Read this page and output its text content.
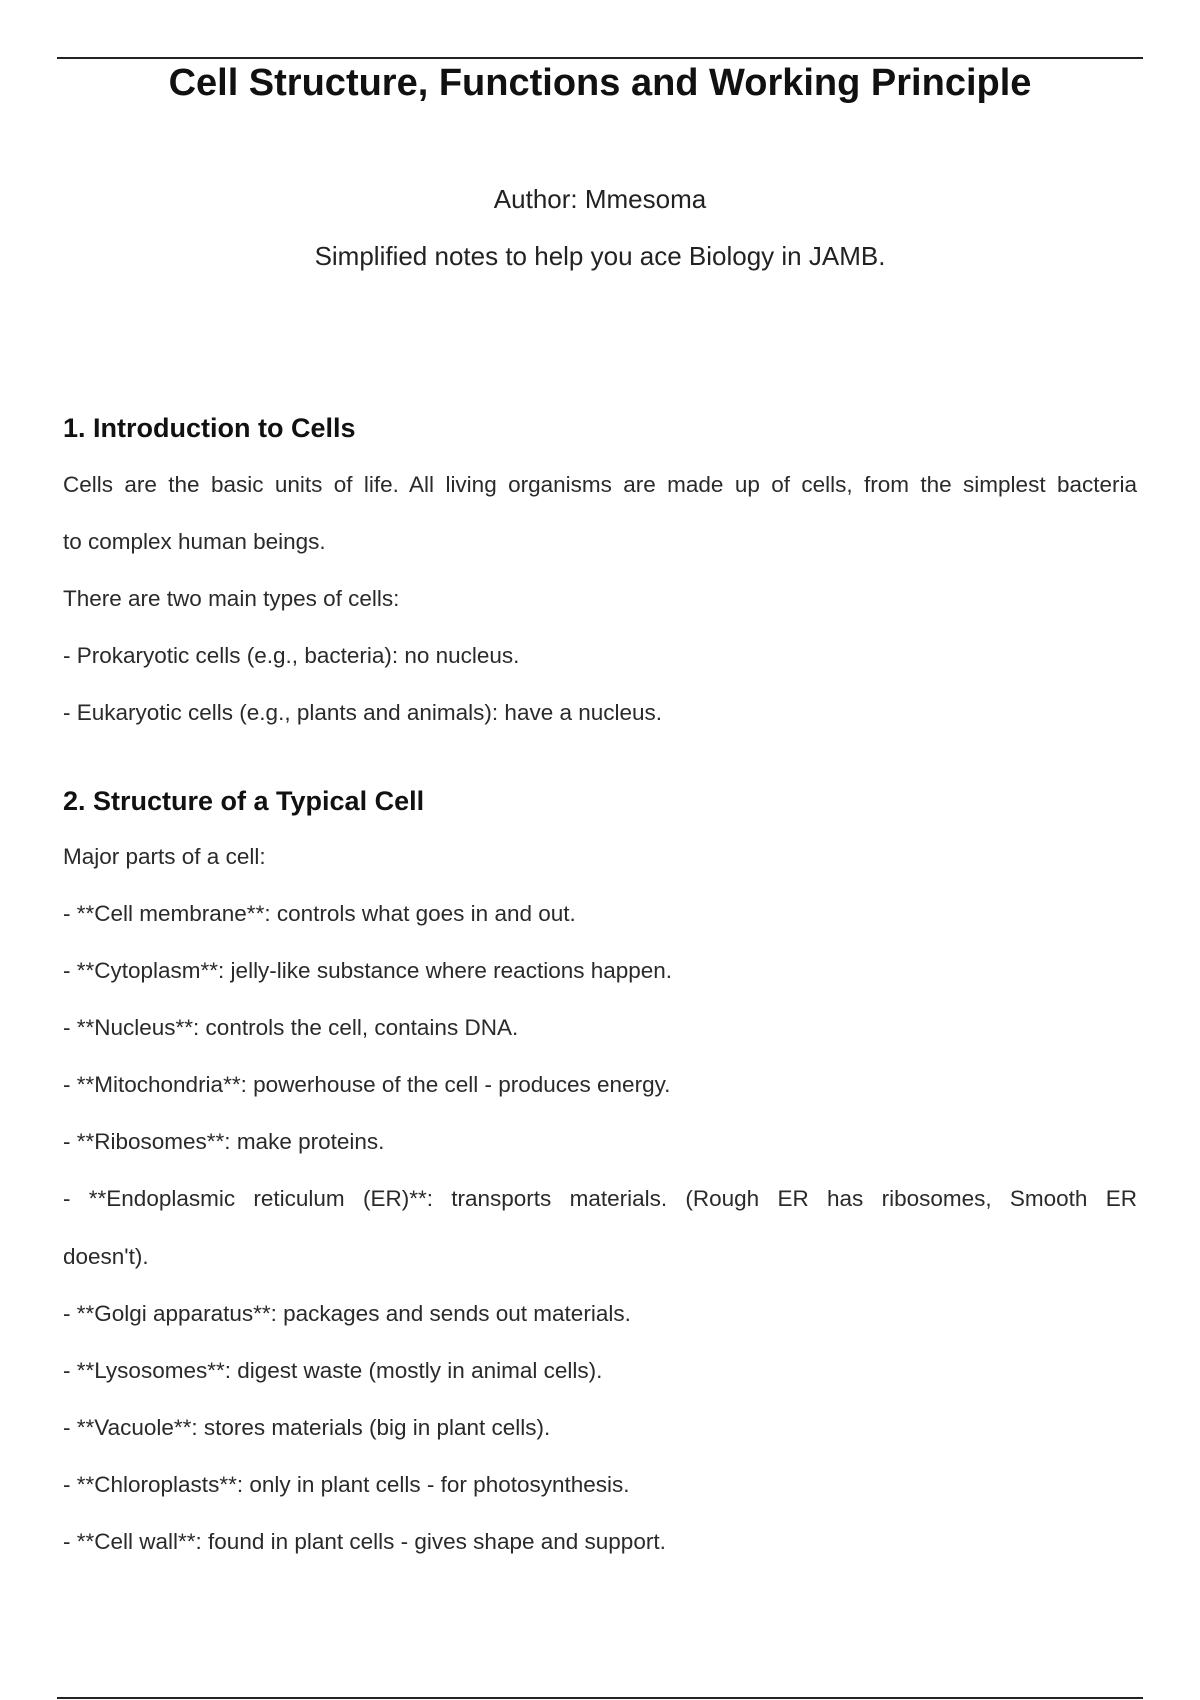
Cell Structure, Functions and Working Principle

Author: Mmesoma

Simplified notes to help you ace Biology in JAMB.

1. Introduction to Cells

Cells are the basic units of life. All living organisms are made up of cells, from the simplest bacteria

to complex human beings.

There are two main types of cells:

- Prokaryotic cells (e.g., bacteria): no nucleus.

- Eukaryotic cells (e.g., plants and animals): have a nucleus.

2. Structure of a Typical Cell

Major parts of a cell:

- **Cell membrane**: controls what goes in and out.

- **Cytoplasm**: jelly-like substance where reactions happen.

- **Nucleus**: controls the cell, contains DNA.

- **Mitochondria**: powerhouse of the cell - produces energy.

- **Ribosomes**: make proteins.

- **Endoplasmic reticulum (ER)**: transports materials. (Rough ER has ribosomes, Smooth ER

doesn't).

- **Golgi apparatus**: packages and sends out materials.

- **Lysosomes**: digest waste (mostly in animal cells).

- **Vacuole**: stores materials (big in plant cells).

- **Chloroplasts**: only in plant cells - for photosynthesis.

- **Cell wall**: found in plant cells - gives shape and support.
